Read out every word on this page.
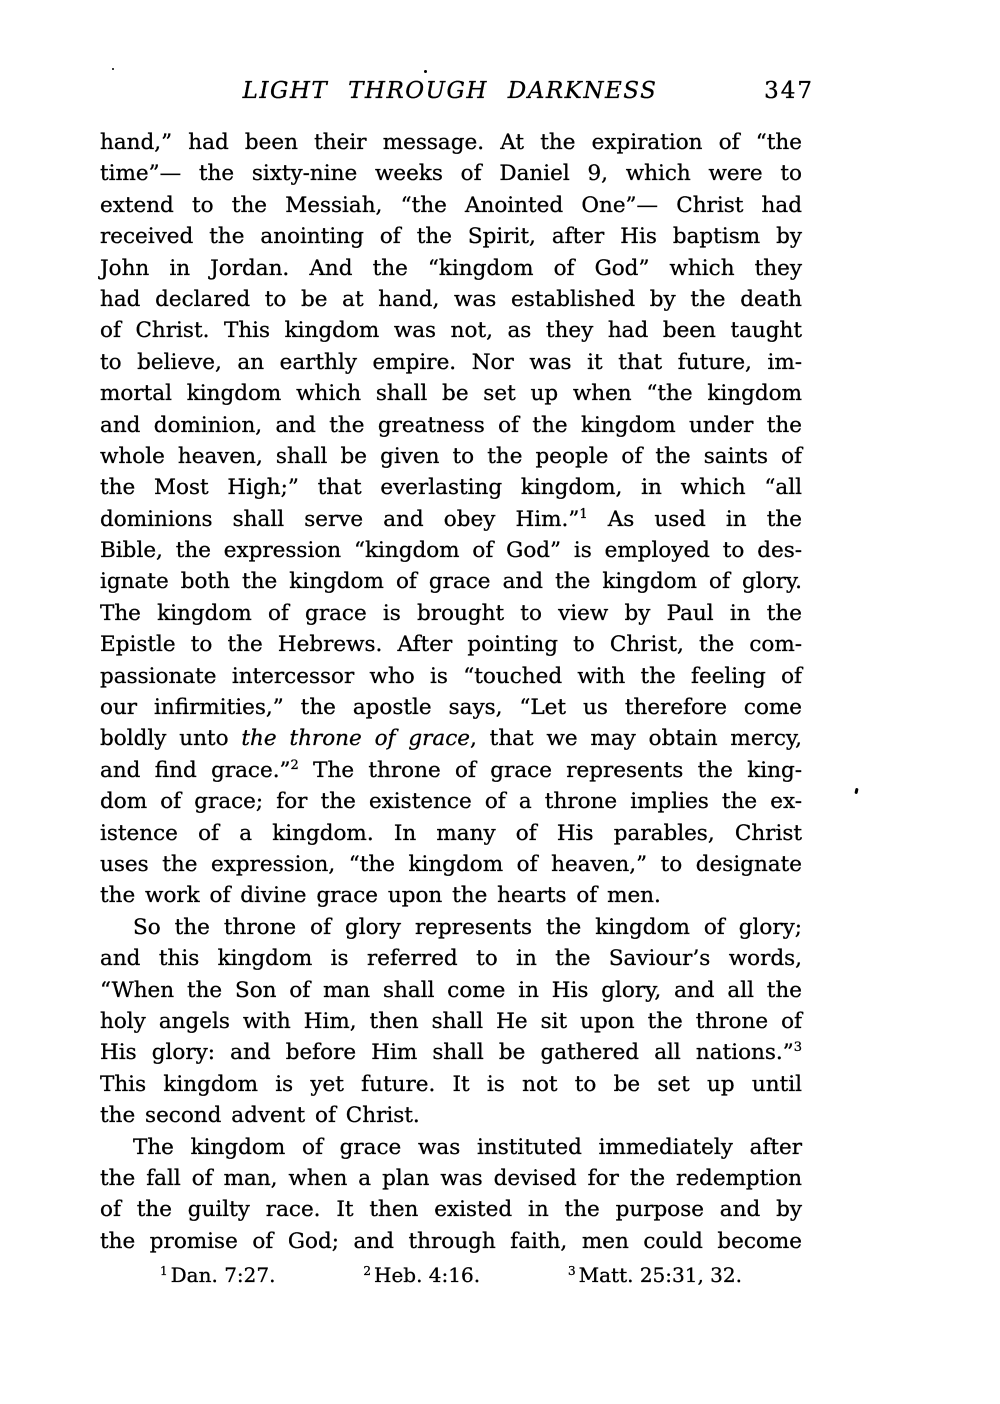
LIGHT THROUGH DARKNESS	347
hand,” had been their message. At the expiration of “the
time”— the sixty-nine weeks of Daniel 9, which were to
extend to the Messiah, “the Anointed One”— Christ had
received the anointing of the Spirit, after His baptism by
John in Jordan. And the “kingdom of God” which they
had declared to be at hand, was established by the death
of Christ. This kingdom was not, as they had been taught
to believe, an earthly empire. Nor was it that future, im-
mortal kingdom which shall be set up when “the kingdom
and dominion, and the greatness of the kingdom under the
whole heaven, shall be given to the people of the saints of
the Most High;” that everlasting kingdom, in which “all
dominions shall serve and obey Him.”$^1$ As used in the
Bible, the expression “kingdom of God” is employed to des-
ignate both the kingdom of grace and the kingdom of glory.
The kingdom of grace is brought to view by Paul in the
Epistle to the Hebrews. After pointing to Christ, the com-
passionate intercessor who is “touched with the feeling of
our infirmities,” the apostle says, “Let us therefore come
boldly unto the throne of grace, that we may obtain mercy,
and find grace.”$^2$ The throne of grace represents the king-
dom of grace; for the existence of a throne implies the ex-
istence of a kingdom. In many of His parables, Christ
uses the expression, “the kingdom of heaven,” to designate
the work of divine grace upon the hearts of men.
So the throne of glory represents the kingdom of glory;
and this kingdom is referred to in the Saviour’s words,
“When the Son of man shall come in His glory, and all the
holy angels with Him, then shall He sit upon the throne of
His glory: and before Him shall be gathered all nations.”$^3$
This kingdom is yet future. It is not to be set up until
the second advent of Christ.
The kingdom of grace was instituted immediately after
the fall of man, when a plan was devised for the redemption
of the guilty race. It then existed in the purpose and by
the promise of God; and through faith, men could become
$^1$ Dan. 7:27.	$^2$ Heb. 4:16.	$^3$ Matt. 25:31, 32.
